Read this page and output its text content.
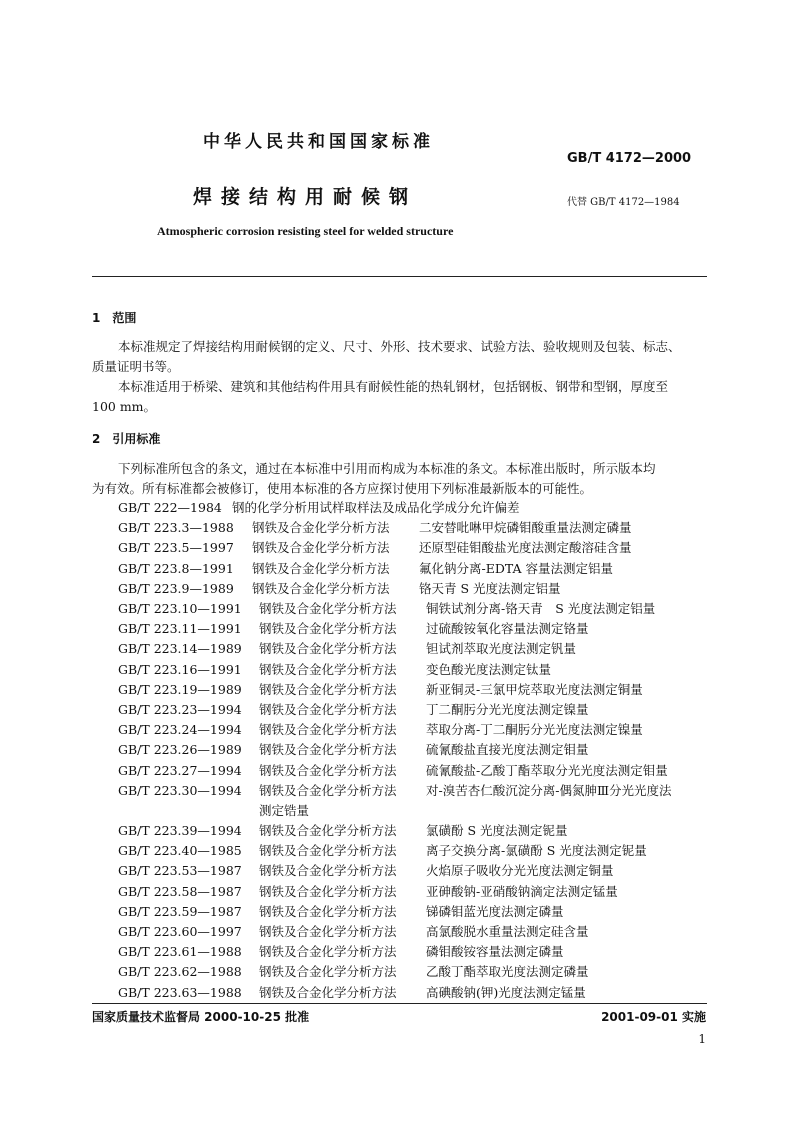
中华人民共和国国家标准
GB/T 4172—2000
焊接结构用耐候钢	代替 GB/T 4172—1984
Atmospheric corrosion resisting steel for welded structure
1　范围
本标准规定了焊接结构用耐候钢的定义、尺寸、外形、技术要求、试验方法、验收规则及包装、标志、
质量证明书等。
本标准适用于桥梁、建筑和其他结构件用具有耐候性能的热轧钢材，包括钢板、钢带和型钢，厚度至
100 mm。
2　引用标准
下列标准所包含的条文，通过在本标准中引用而构成为本标准的条文。本标准出版时，所示版本均
为有效。所有标准都会被修订，使用本标准的各方应探讨使用下列标准最新版本的可能性。
GB/T 222—1984 钢的化学分析用试样取样法及成品化学成分允许偏差
GB/T 223.3—1988 钢铁及合金化学分析方法 二安替吡啉甲烷磷钼酸重量法测定磷量
GB/T 223.5—1997 钢铁及合金化学分析方法 还原型硅钼酸盐光度法测定酸溶硅含量
GB/T 223.8—1991 钢铁及合金化学分析方法 氟化钠分离-EDTA 容量法测定铝量
GB/T 223.9—1989 钢铁及合金化学分析方法 铬天青 S 光度法测定铝量
GB/T 223.10—1991 钢铁及合金化学分析方法 铜铁试剂分离-铬天青　S 光度法测定铝量
GB/T 223.11—1991 钢铁及合金化学分析方法 过硫酸铵氧化容量法测定铬量
GB/T 223.14—1989 钢铁及合金化学分析方法 钽试剂萃取光度法测定钒量
GB/T 223.16—1991 钢铁及合金化学分析方法 变色酸光度法测定钛量
GB/T 223.19—1989 钢铁及合金化学分析方法 新亚铜灵-三氯甲烷萃取光度法测定铜量
GB/T 223.23—1994 钢铁及合金化学分析方法 丁二酮肟分光光度法测定镍量
GB/T 223.24—1994 钢铁及合金化学分析方法 萃取分离-丁二酮肟分光光度法测定镍量
GB/T 223.26—1989 钢铁及合金化学分析方法 硫氰酸盐直接光度法测定钼量
GB/T 223.27—1994 钢铁及合金化学分析方法 硫氰酸盐-乙酸丁酯萃取分光光度法测定钼量
GB/T 223.30—1994 钢铁及合金化学分析方法 对-溴苦杏仁酸沉淀分离-偶氮胂Ⅲ分光光度法
测定锆量
GB/T 223.39—1994 钢铁及合金化学分析方法 氯磺酚 S 光度法测定铌量
GB/T 223.40—1985 钢铁及合金化学分析方法 离子交换分离-氯磺酚 S 光度法测定铌量
GB/T 223.53—1987 钢铁及合金化学分析方法 火焰原子吸收分光光度法测定铜量
GB/T 223.58—1987 钢铁及合金化学分析方法 亚砷酸钠-亚硝酸钠滴定法测定锰量
GB/T 223.59—1987 钢铁及合金化学分析方法 锑磷钼蓝光度法测定磷量
GB/T 223.60—1997 钢铁及合金化学分析方法 高氯酸脱水重量法测定硅含量
GB/T 223.61—1988 钢铁及合金化学分析方法 磷钼酸铵容量法测定磷量
GB/T 223.62—1988 钢铁及合金化学分析方法 乙酸丁酯萃取光度法测定磷量
GB/T 223.63—1988 钢铁及合金化学分析方法 高碘酸钠(钾)光度法测定锰量
国家质量技术监督局 2000-10-25 批准	2001-09-01 实施
1
